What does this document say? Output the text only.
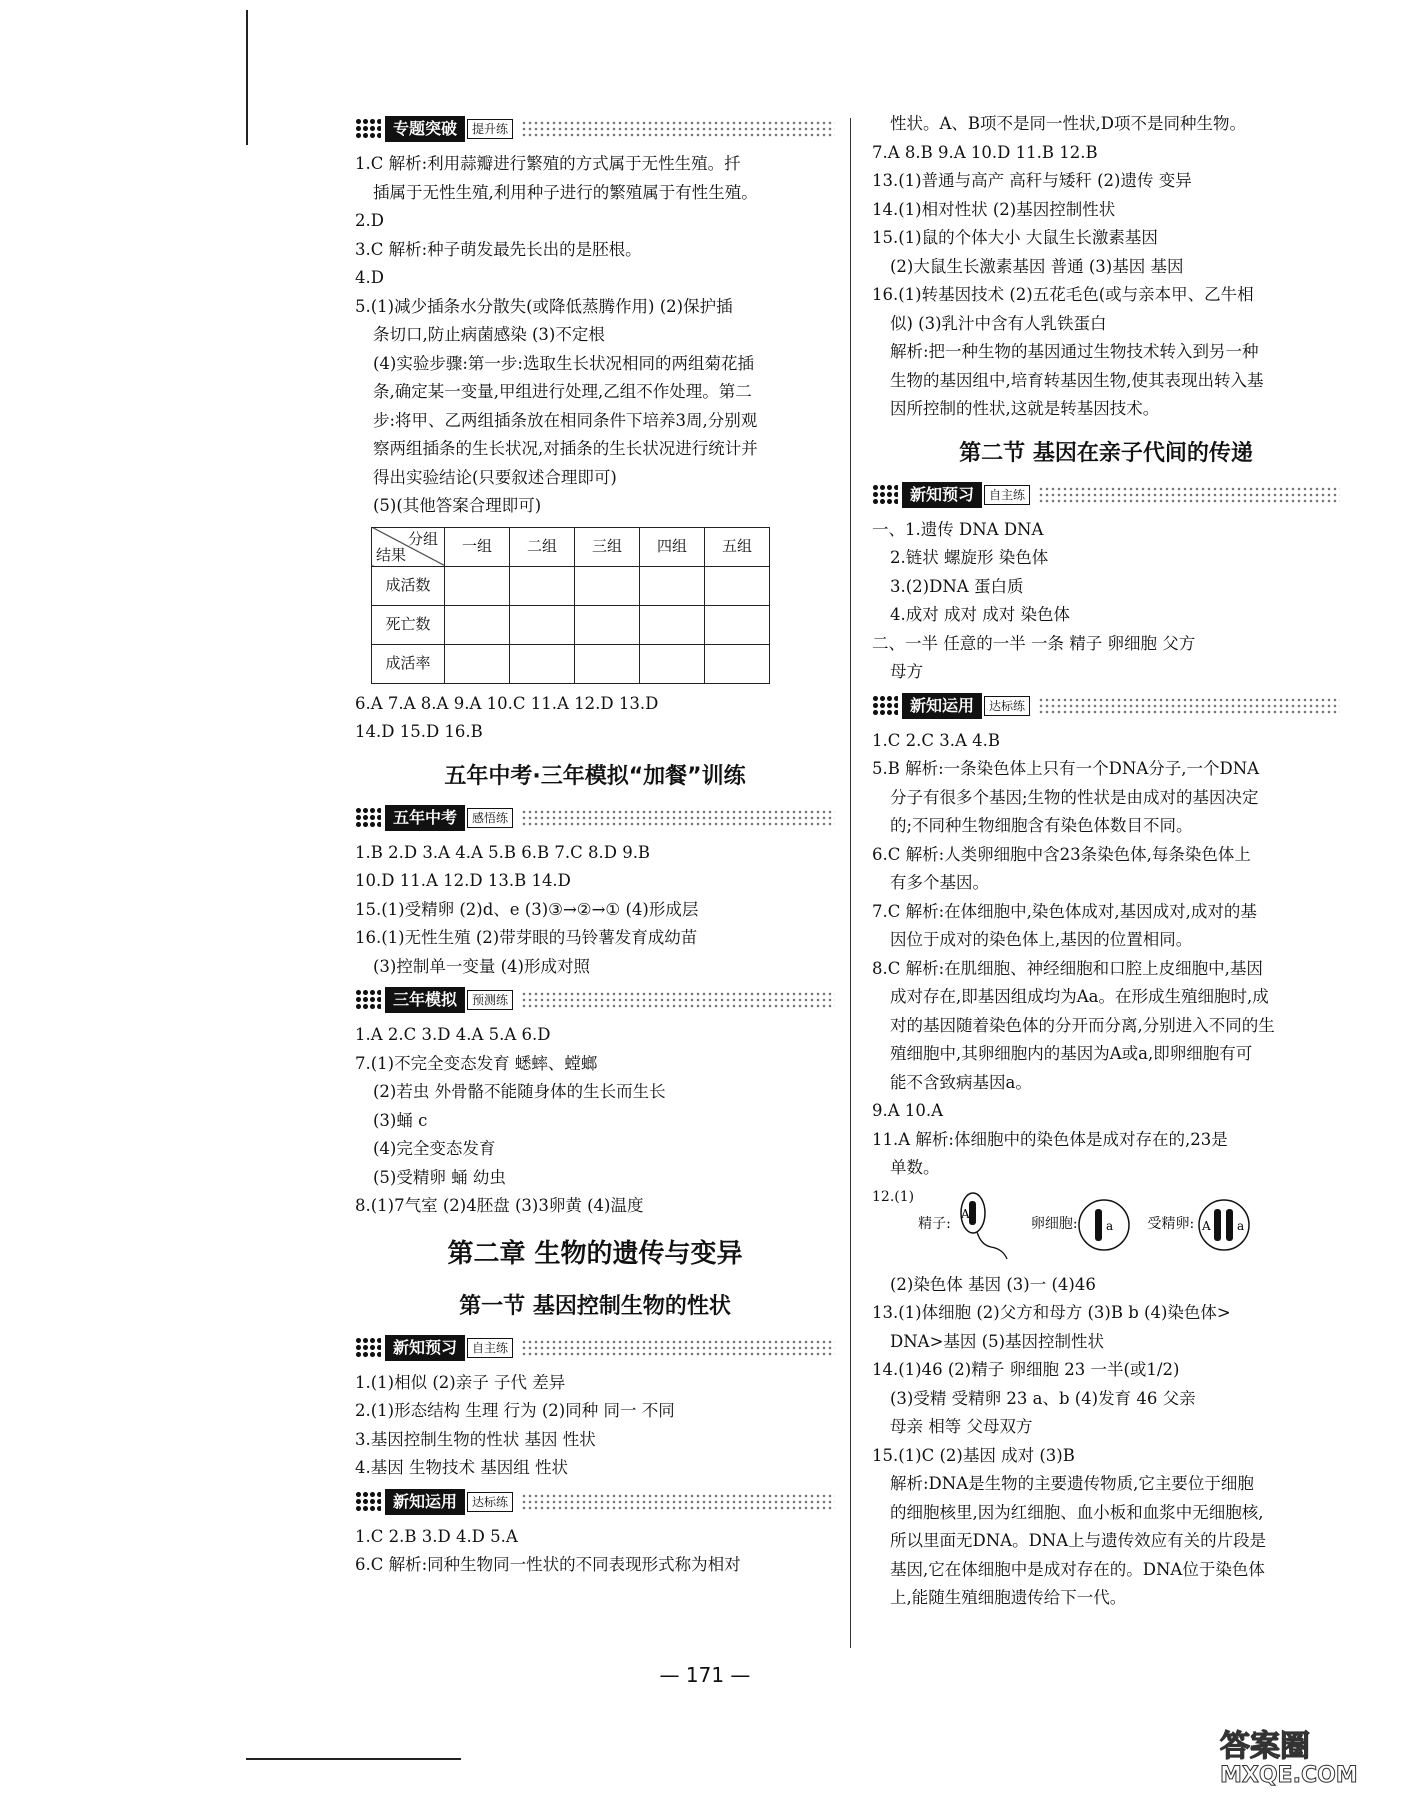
专题突破	提升练
1.C 解析:利用蒜瓣进行繁殖的方式属于无性生殖。扦
插属于无性生殖,利用种子进行的繁殖属于有性生殖。
2.D
3.C 解析:种子萌发最先长出的是胚根。
4.D
5.(1)减少插条水分散失(或降低蒸腾作用) (2)保护插
条切口,防止病菌感染 (3)不定根
(4)实验步骤:第一步:选取生长状况相同的两组菊花插
条,确定某一变量,甲组进行处理,乙组不作处理。第二
步:将甲、乙两组插条放在相同条件下培养3周,分别观
察两组插条的生长状况,对插条的生长状况进行统计并
得出实验结论(只要叙述合理即可)
(5)(其他答案合理即可)
分组
结果	一组	二组	三组	四组	五组
成活数					
死亡数					
成活率					
6.A 7.A 8.A 9.A 10.C 11.A 12.D 13.D
14.D 15.D 16.B
五年中考·三年模拟“加餐”训练
五年中考	感悟练
1.B 2.D 3.A 4.A 5.B 6.B 7.C 8.D 9.B
10.D 11.A 12.D 13.B 14.D
15.(1)受精卵 (2)d、e (3)③→②→① (4)形成层
16.(1)无性生殖 (2)带芽眼的马铃薯发育成幼苗
(3)控制单一变量 (4)形成对照
三年模拟	预测练
1.A 2.C 3.D 4.A 5.A 6.D
7.(1)不完全变态发育 蟋蟀、螳螂
(2)若虫 外骨骼不能随身体的生长而生长
(3)蛹 c
(4)完全变态发育
(5)受精卵 蛹 幼虫
8.(1)7气室 (2)4胚盘 (3)3卵黄 (4)温度
第二章 生物的遗传与变异
第一节 基因控制生物的性状
新知预习	自主练
1.(1)相似 (2)亲子 子代 差异
2.(1)形态结构 生理 行为 (2)同种 同一 不同
3.基因控制生物的性状 基因 性状
4.基因 生物技术 基因组 性状
新知运用	达标练
1.C 2.B 3.D 4.D 5.A
6.C 解析:同种生物同一性状的不同表现形式称为相对
性状。A、B项不是同一性状,D项不是同种生物。
7.A 8.B 9.A 10.D 11.B 12.B
13.(1)普通与高产 高秆与矮秆 (2)遗传 变异
14.(1)相对性状 (2)基因控制性状
15.(1)鼠的个体大小 大鼠生长激素基因
(2)大鼠生长激素基因 普通 (3)基因 基因
16.(1)转基因技术 (2)五花毛色(或与亲本甲、乙牛相
似) (3)乳汁中含有人乳铁蛋白
解析:把一种生物的基因通过生物技术转入到另一种
生物的基因组中,培育转基因生物,使其表现出转入基
因所控制的性状,这就是转基因技术。
第二节 基因在亲子代间的传递
新知预习	自主练
一、1.遗传 DNA DNA
2.链状 螺旋形 染色体
3.(2)DNA 蛋白质
4.成对 成对 成对 染色体
二、一半 任意的一半 一条 精子 卵细胞 父方
母方
新知运用	达标练
1.C 2.C 3.A 4.B
5.B 解析:一条染色体上只有一个DNA分子,一个DNA
分子有很多个基因;生物的性状是由成对的基因决定
的;不同种生物细胞含有染色体数目不同。
6.C 解析:人类卵细胞中含23条染色体,每条染色体上
有多个基因。
7.C 解析:在体细胞中,染色体成对,基因成对,成对的基
因位于成对的染色体上,基因的位置相同。
8.C 解析:在肌细胞、神经细胞和口腔上皮细胞中,基因
成对存在,即基因组成均为Aa。在形成生殖细胞时,成
对的基因随着染色体的分开而分离,分别进入不同的生
殖细胞中,其卵细胞内的基因为A或a,即卵细胞有可
能不含致病基因a。
9.A 10.A
11.A 解析:体细胞中的染色体是成对存在的,23是
单数。
12.(1)
精子:
A
卵细胞: a 受精卵: A a
(2)染色体 基因 (3)一 (4)46
13.(1)体细胞 (2)父方和母方 (3)B b (4)染色体>
DNA>基因 (5)基因控制性状
14.(1)46 (2)精子 卵细胞 23 一半(或1/2)
(3)受精 受精卵 23 a、b (4)发育 46 父亲
母亲 相等 父母双方
15.(1)C (2)基因 成对 (3)B
解析:DNA是生物的主要遗传物质,它主要位于细胞
的细胞核里,因为红细胞、血小板和血浆中无细胞核,
所以里面无DNA。DNA上与遗传效应有关的片段是
基因,它在体细胞中是成对存在的。DNA位于染色体
上,能随生殖细胞遗传给下一代。
— 171 —
答案圈
MXQE.COM
